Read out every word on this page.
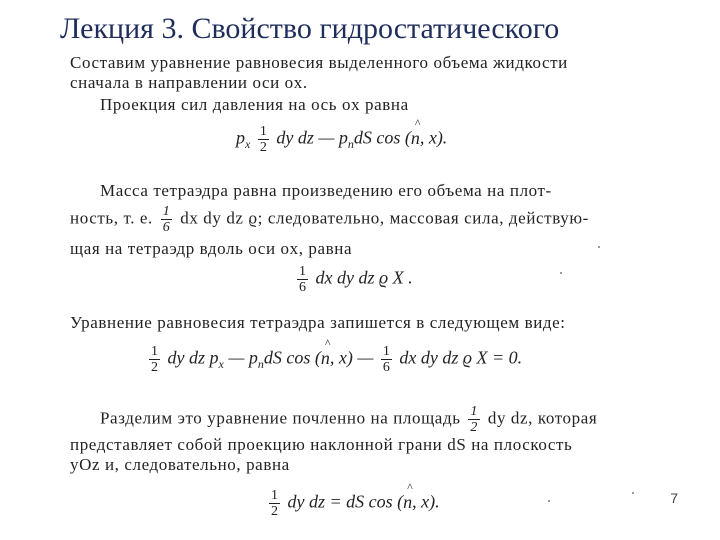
Лекция 3. Свойство гидростатического
Составим уравнение равновесия выделенного объема жидкости
сначала в направлении оси ox.
Проекция сил давления на ось ox равна
$p_x \frac{1}{2}$ dy dz — $p_ndS$ cos (^ n, x).
Масса тетраэдра равна произведению его объема на плот-
ность, т. е. $\frac{1}{6}$ dx dy dz ϱ; следовательно, массовая сила, действую-
щая на тетраэдр вдоль оси ox, равна
$\frac{1}{6}$ dx dy dz ϱ X .
Уравнение равновесия тетраэдра запишется в следующем виде:
$\frac{1}{2}$ dy dz $p_x$ — $p_ndS$ cos (^ n, x) — $\frac{1}{6}$ dx dy dz ϱ X = 0.
Разделим это уравнение почленно на площадь $\frac{1}{2}$ dy dz, которая
представляет собой проекцию наклонной грани dS на плоскость
yOz и, следовательно, равна
$\frac{1}{2}$ dy dz = dS cos (^ n, x).	7
